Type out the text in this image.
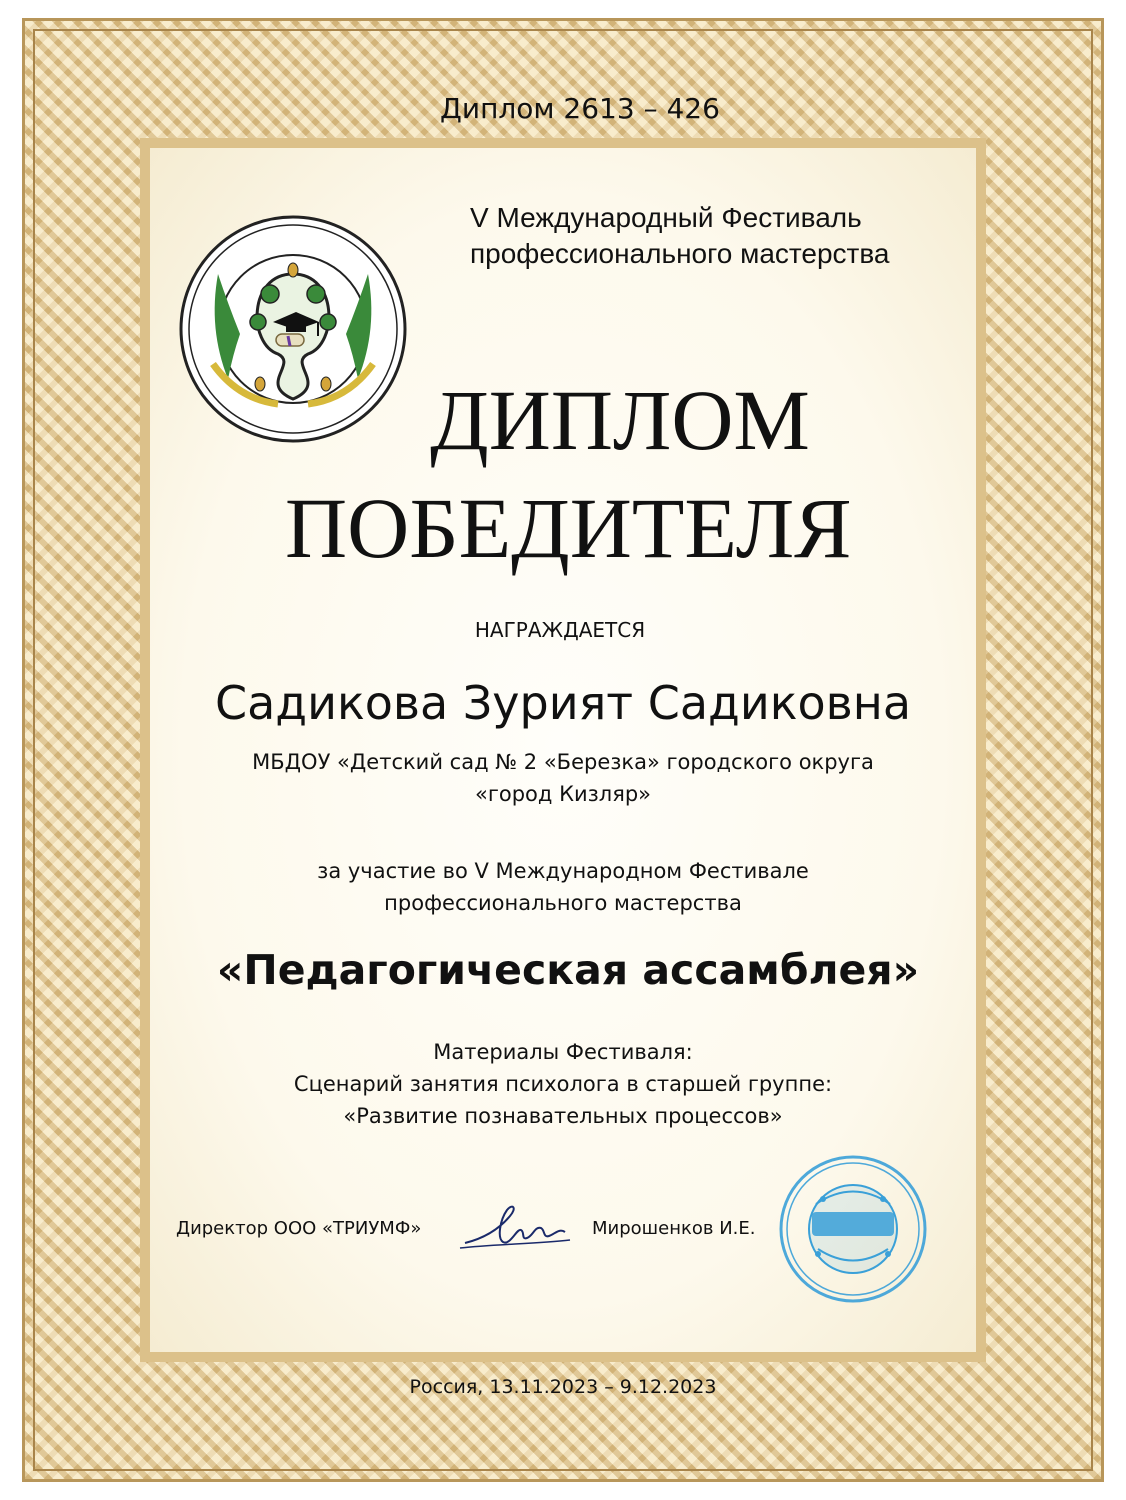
Диплом 2613 – 426
V Международный Фестиваль профессионального мастерства
ДИПЛОМ
ПОБЕДИТЕЛЯ
НАГРАЖДАЕТСЯ
Садикова Зурият Садиковна
МБДОУ «Детский сад № 2 «Березка» городского округа
«город Кизляр»
за участие во V Международном Фестивале
профессионального мастерства
«Педагогическая ассамблея»
Материалы Фестиваля:
Сценарий занятия психолога в старшей группе:
«Развитие познавательных процессов»
Директор ООО «ТРИУМФ»	Мирошенков И.Е.
Россия, 13.11.2023 – 9.12.2023
